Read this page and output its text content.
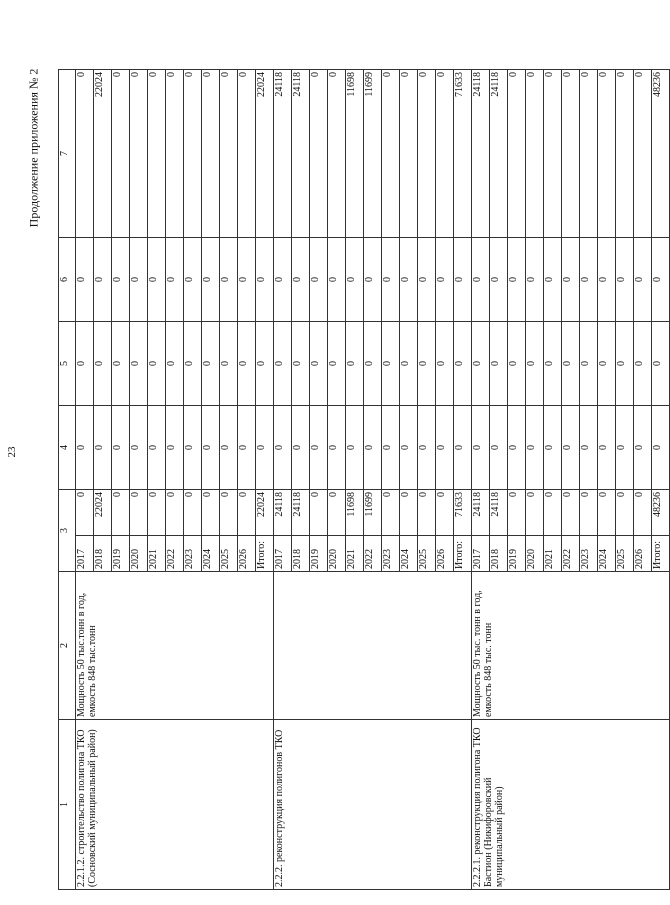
23
Продолжение приложения № 2
1	2	3		4	5	6	7
2.2.1.2. строительство полигона ТКО (Сосновский муниципальный район)	Мощность 50 тыс.тонн в год, емкость 848 тыс.тонн	2017	0	0	0	0	0
		2018	22024	0	0	0	22024
		2019	0	0	0	0	0
		2020	0	0	0	0	0
		2021	0	0	0	0	0
		2022	0	0	0	0	0
		2023	0	0	0	0	0
		2024	0	0	0	0	0
		2025	0	0	0	0	0
		2026	0	0	0	0	0
		Итого:	22024	0	0	0	22024
2.2.2. реконструкция полигонов ТКО		2017	24118	0	0	0	24118
		2018	24118	0	0	0	24118
		2019	0	0	0	0	0
		2020	0	0	0	0	0
		2021	11698	0	0	0	11698
		2022	11699	0	0	0	11699
		2023	0	0	0	0	0
		2024	0	0	0	0	0
		2025	0	0	0	0	0
		2026	0	0	0	0	0
		Итого:	71633	0	0	0	71633
2.2.2.1. реконструкция полигона ТКО Бастион (Никифоровский муниципальный район)	Мощность 50 тыс. тонн в год, емкость 848 тыс. тонн	2017	24118	0	0	0	24118
		2018	24118	0	0	0	24118
		2019	0	0	0	0	0
		2020	0	0	0	0	0
		2021	0	0	0	0	0
		2022	0	0	0	0	0
		2023	0	0	0	0	0
		2024	0	0	0	0	0
		2025	0	0	0	0	0
		2026	0	0	0	0	0
		Итого:	48236	0	0	0	48236
